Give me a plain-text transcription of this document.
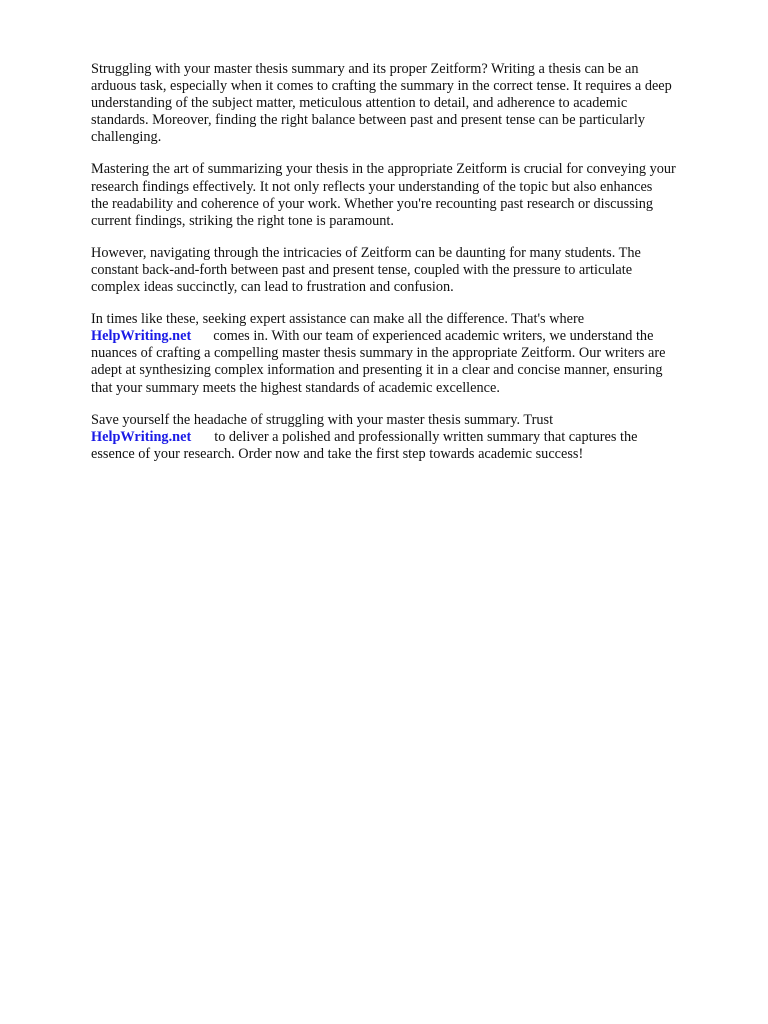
Struggling with your master thesis summary and its proper Zeitform? Writing a thesis can be an
arduous task, especially when it comes to crafting the summary in the correct tense. It requires a deep
understanding of the subject matter, meticulous attention to detail, and adherence to academic
standards. Moreover, finding the right balance between past and present tense can be particularly
challenging.

Mastering the art of summarizing your thesis in the appropriate Zeitform is crucial for conveying your
research findings effectively. It not only reflects your understanding of the topic but also enhances
the readability and coherence of your work. Whether you're recounting past research or discussing
current findings, striking the right tone is paramount.

However, navigating through the intricacies of Zeitform can be daunting for many students. The
constant back-and-forth between past and present tense, coupled with the pressure to articulate
complex ideas succinctly, can lead to frustration and confusion.

In times like these, seeking expert assistance can make all the difference. That's where
HelpWriting.net comes in. With our team of experienced academic writers, we understand the
nuances of crafting a compelling master thesis summary in the appropriate Zeitform. Our writers are
adept at synthesizing complex information and presenting it in a clear and concise manner, ensuring
that your summary meets the highest standards of academic excellence.

Save yourself the headache of struggling with your master thesis summary. Trust
HelpWriting.net to deliver a polished and professionally written summary that captures the
essence of your research. Order now and take the first step towards academic success!
